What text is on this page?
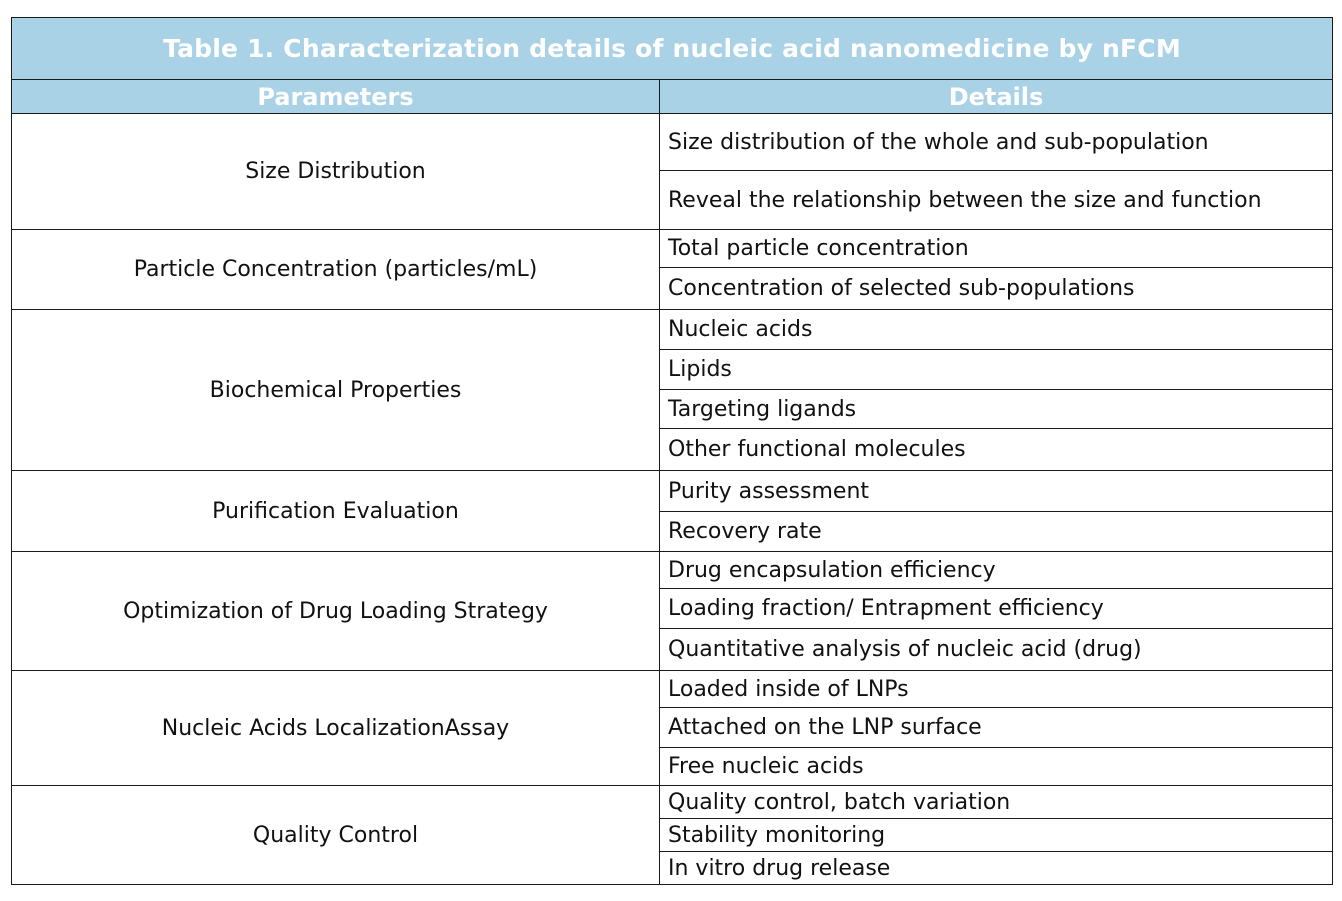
Table 1. Characterization details of nucleic acid nanomedicine by nFCM	
Parameters	Details
Size Distribution	Size distribution of the whole and sub-population
	Reveal the relationship between the size and function
Particle Concentration (particles/mL)	Total particle concentration
	Concentration of selected sub-populations
Biochemical Properties	Nucleic acids
	Lipids
	Targeting ligands
	Other functional molecules
Purification Evaluation	Purity assessment
	Recovery rate
Optimization of Drug Loading Strategy	Drug encapsulation efficiency
	Loading fraction/ Entrapment efficiency
	Quantitative analysis of nucleic acid (drug)
Nucleic Acids LocalizationAssay	Loaded inside of LNPs
	Attached on the LNP surface
	Free nucleic acids
Quality Control	Quality control, batch variation
	Stability monitoring
	In vitro drug release
